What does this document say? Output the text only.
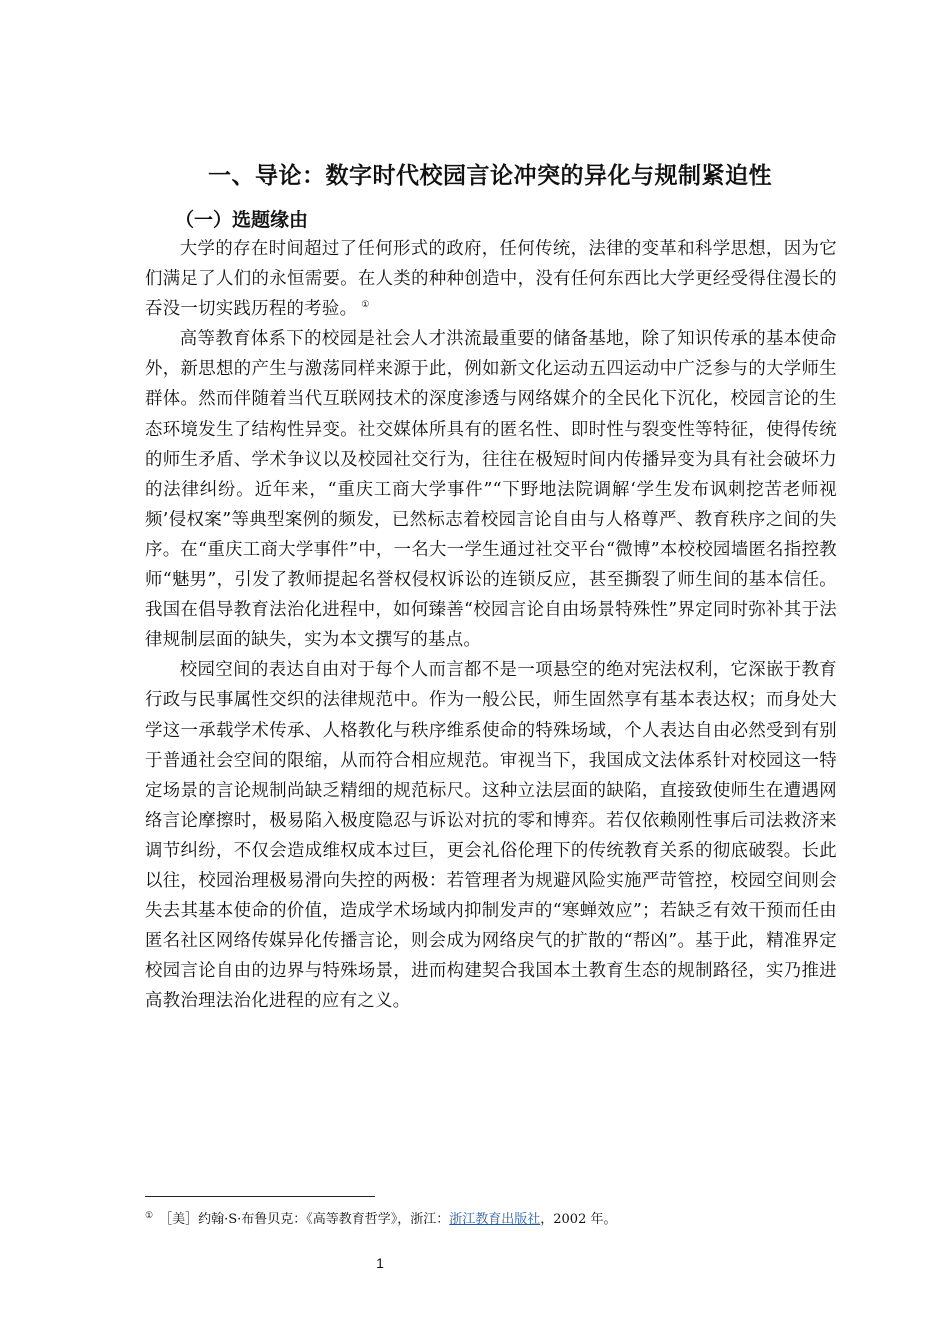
一、导论：数字时代校园言论冲突的异化与规制紧迫性
（一）选题缘由

大学的存在时间超过了任何形式的政府，任何传统，法律的变革和科学思想，因为它们满足了人们的永恒需要。在人类的种种创造中，没有任何东西比大学更经受得住漫长的吞没一切实践历程的考验。 ①

高等教育体系下的校园是社会人才洪流最重要的储备基地，除了知识传承的基本使命外，新思想的产生与激荡同样来源于此，例如新文化运动五四运动中广泛参与的大学师生群体。然而伴随着当代互联网技术的深度渗透与网络媒介的全民化下沉化，校园言论的生态环境发生了结构性异变。社交媒体所具有的匿名性、即时性与裂变性等特征，使得传统的师生矛盾、学术争议以及校园社交行为，往往在极短时间内传播异变为具有社会破坏力的法律纠纷。近年来，“重庆工商大学事件”“下野地法院调解‘学生发布讽刺挖苦老师视频’侵权案”等典型案例的频发，已然标志着校园言论自由与人格尊严、教育秩序之间的失序。在“重庆工商大学事件”中，一名大一学生通过社交平台“微博”本校校园墙匿名指控教师“魅男”，引发了教师提起名誉权侵权诉讼的连锁反应，甚至撕裂了师生间的基本信任。我国在倡导教育法治化进程中，如何臻善“校园言论自由场景特殊性”界定同时弥补其于法律规制层面的缺失，实为本文撰写的基点。

校园空间的表达自由对于每个人而言都不是一项悬空的绝对宪法权利，它深嵌于教育行政与民事属性交织的法律规范中。作为一般公民，师生固然享有基本表达权；而身处大学这一承载学术传承、人格教化与秩序维系使命的特殊场域，个人表达自由必然受到有别于普通社会空间的限缩，从而符合相应规范。审视当下，我国成文法体系针对校园这一特定场景的言论规制尚缺乏精细的规范标尺。这种立法层面的缺陷，直接致使师生在遭遇网络言论摩擦时，极易陷入极度隐忍与诉讼对抗的零和博弈。若仅依赖刚性事后司法救济来调节纠纷，不仅会造成维权成本过巨，更会礼俗伦理下的传统教育关系的彻底破裂。长此以往，校园治理极易滑向失控的两极：若管理者为规避风险实施严苛管控，校园空间则会失去其基本使命的价值，造成学术场域内抑制发声的“寒蝉效应”；若缺乏有效干预而任由匿名社区网络传媒异化传播言论，则会成为网络戾气的扩散的“帮凶”。基于此，精准界定校园言论自由的边界与特殊场景，进而构建契合我国本土教育生态的规制路径，实乃推进高教治理法治化进程的应有之义。

① ［美］约翰·S·布鲁贝克：《高等教育哲学》，浙江：浙江教育出版社，2002 年。
1
